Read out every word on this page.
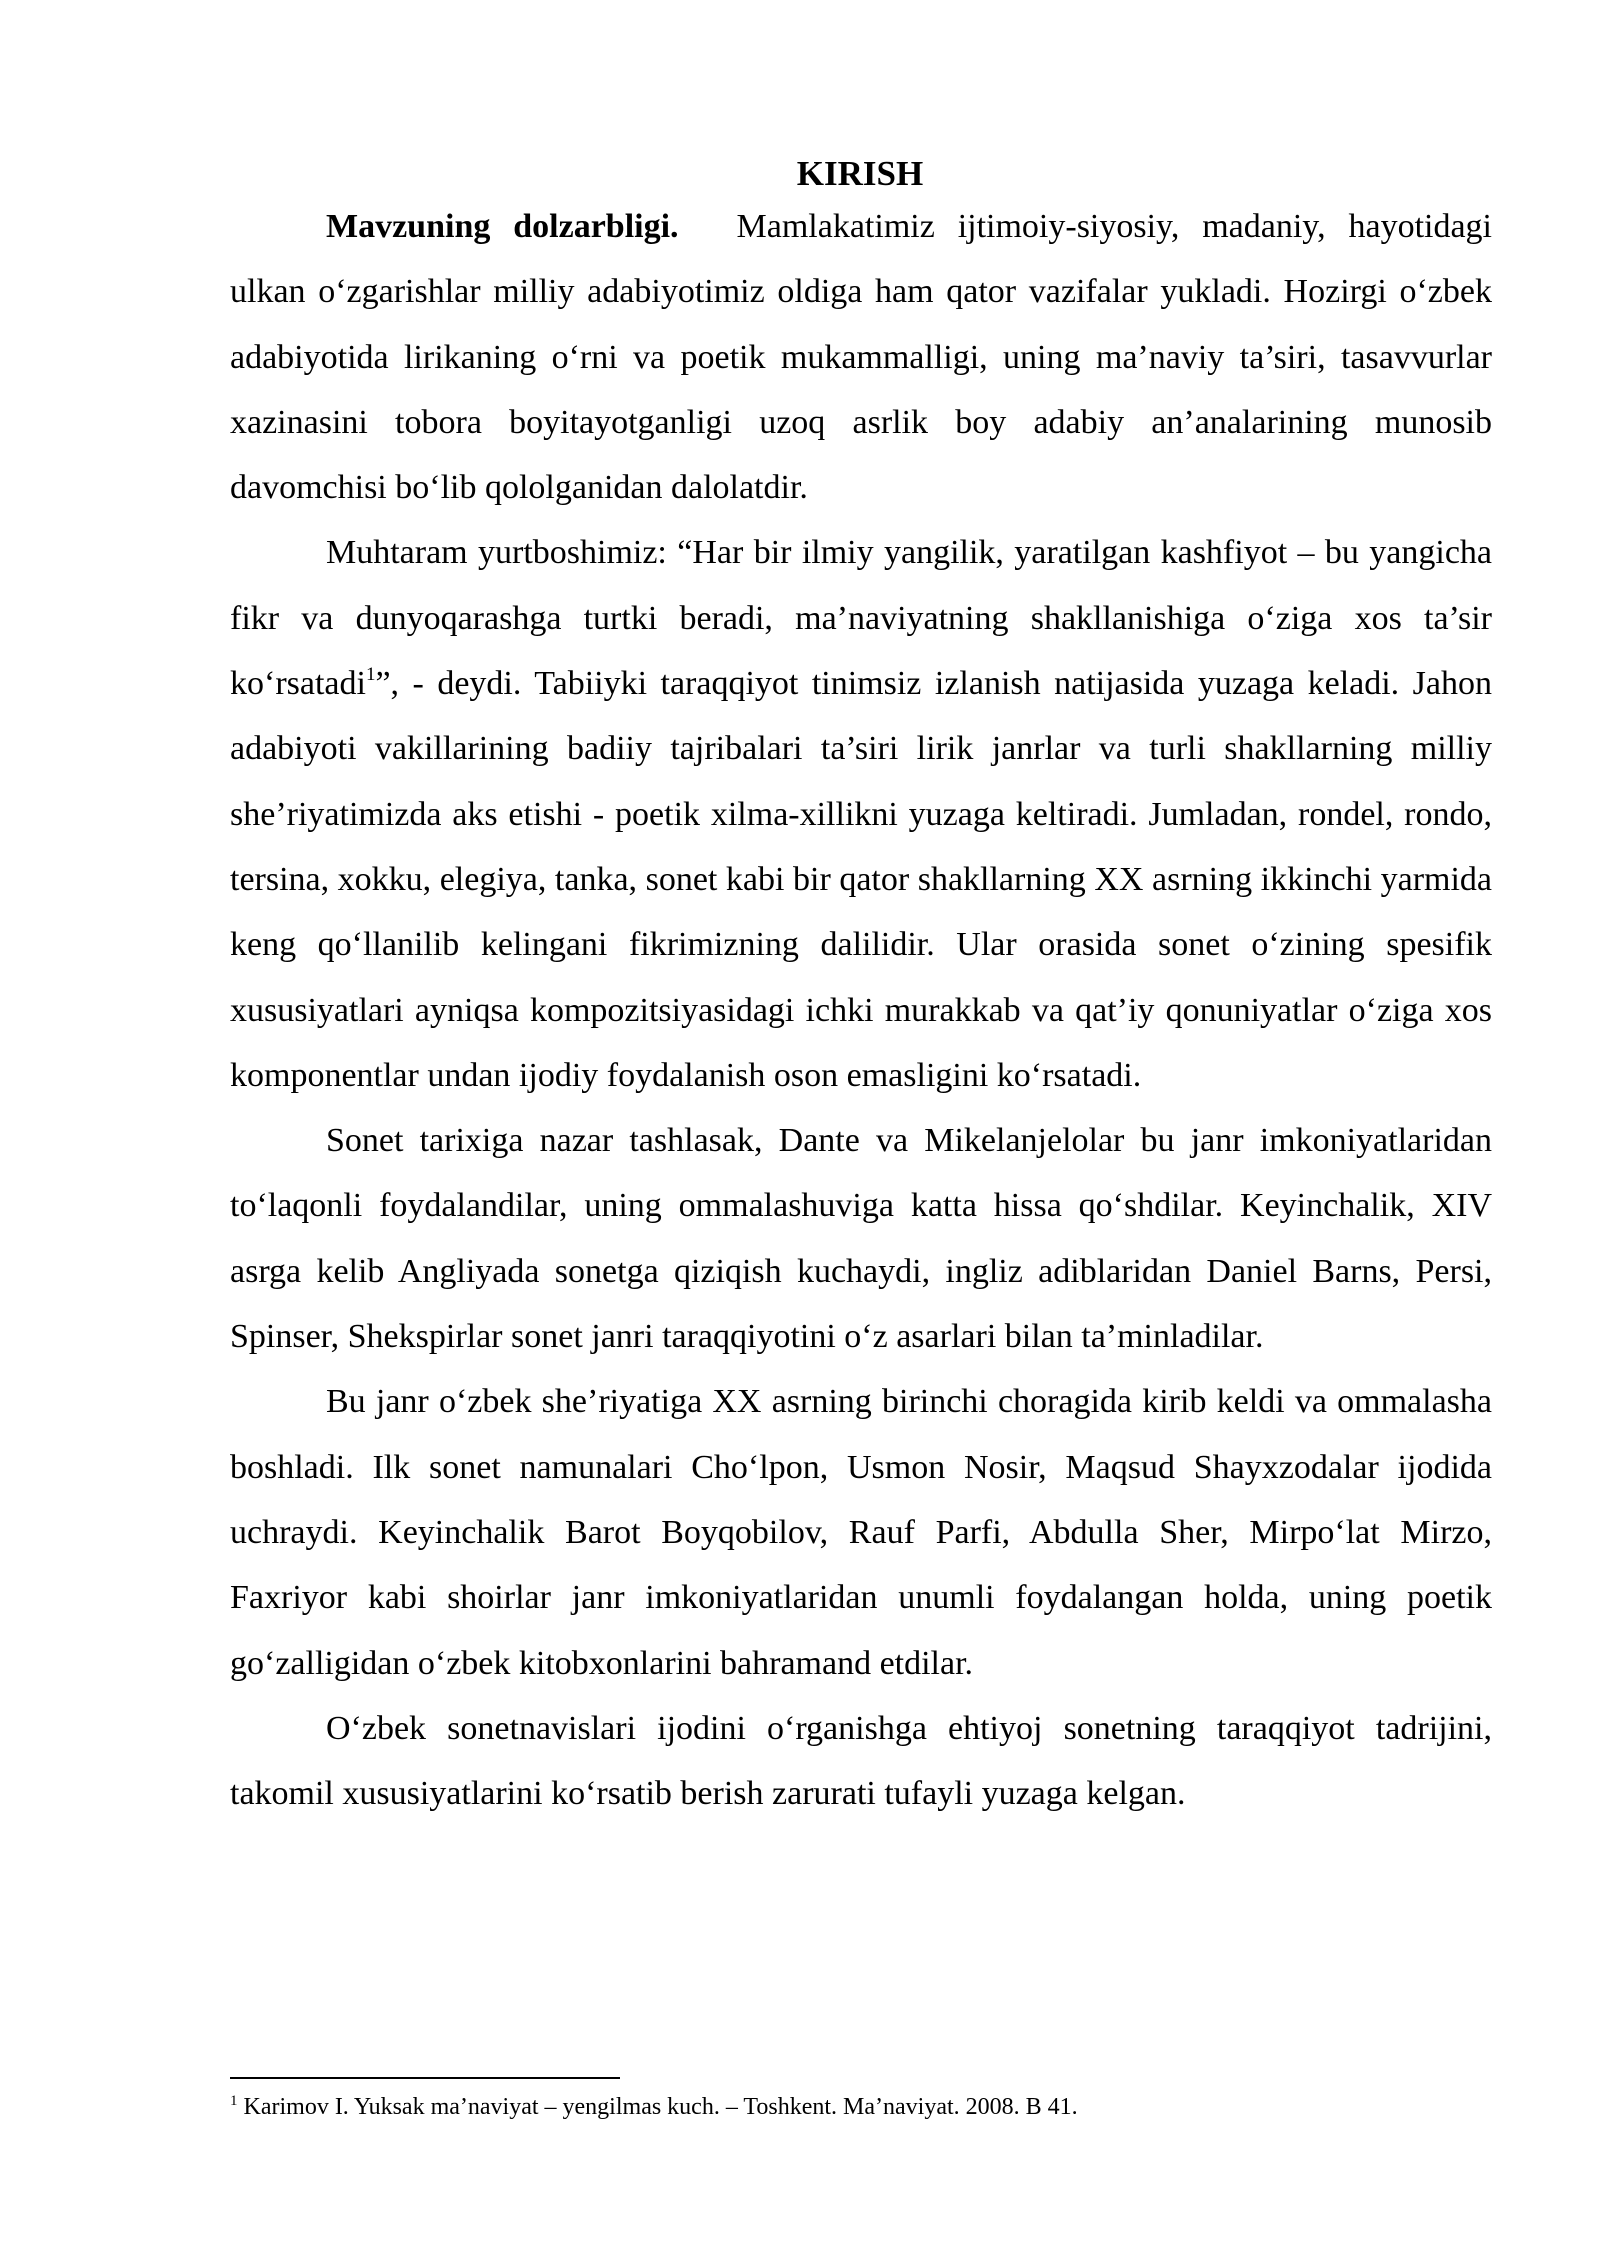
KIRISH

Mavzuning dolzarbligi. Mamlakatimiz ijtimoiy-siyosiy, madaniy, hayotidagi ulkan o‘zgarishlar milliy adabiyotimiz oldiga ham qator vazifalar yukladi. Hozirgi o‘zbek adabiyotida lirikaning o‘rni va poetik mukammalligi, uning ma’naviy ta’siri, tasavvurlar xazinasini tobora boyitayotganligi uzoq asrlik boy adabiy an’analarining munosib davomchisi bo‘lib qololganidan dalolatdir.

Muhtaram yurtboshimiz: “Har bir ilmiy yangilik, yaratilgan kashfiyot – bu yangicha fikr va dunyoqarashga turtki beradi, ma’naviyatning shakllanishiga o‘ziga xos ta’sir ko‘rsatadi$^1$”, - deydi. Tabiiyki taraqqiyot tinimsiz izlanish natijasida yuzaga keladi. Jahon adabiyoti vakillarining badiiy tajribalari ta’siri lirik janrlar va turli shakllarning milliy she’riyatimizda aks etishi - poetik xilma-xillikni yuzaga keltiradi. Jumladan, rondel, rondo, tersina, xokku, elegiya, tanka, sonet kabi bir qator shakllarning XX asrning ikkinchi yarmida keng qo‘llanilib kelingani fikrimizning dalilidir. Ular orasida sonet o‘zining spesifik xususiyatlari ayniqsa kompozitsiyasidagi ichki murakkab va qat’iy qonuniyatlar o‘ziga xos komponentlar undan ijodiy foydalanish oson emasligini ko‘rsatadi.

Sonet tarixiga nazar tashlasak, Dante va Mikelanjelolar bu janr imkoniyatlaridan to‘laqonli foydalandilar, uning ommalashuviga katta hissa qo‘shdilar. Keyinchalik, XIV asrga kelib Angliyada sonetga qiziqish kuchaydi, ingliz adiblaridan Daniel Barns, Persi, Spinser, Shekspirlar sonet janri taraqqiyotini o‘z asarlari bilan ta’minladilar.

Bu janr o‘zbek she’riyatiga XX asrning birinchi choragida kirib keldi va ommalasha boshladi. Ilk sonet namunalari Cho‘lpon, Usmon Nosir, Maqsud Shayxzodalar ijodida uchraydi. Keyinchalik Barot Boyqobilov, Rauf Parfi, Abdulla Sher, Mirpo‘lat Mirzo, Faxriyor kabi shoirlar janr imkoniyatlaridan unumli foydalangan holda, uning poetik go‘zalligidan o‘zbek kitobxonlarini bahramand etdilar.

O‘zbek sonetnavislari ijodini o‘rganishga ehtiyoj sonetning taraqqiyot tadrijini, takomil xususiyatlarini ko‘rsatib berish zarurati tufayli yuzaga kelgan.

$^1$ Karimov I. Yuksak ma’naviyat – yengilmas kuch. – Toshkent. Ma’naviyat. 2008. B 41.
